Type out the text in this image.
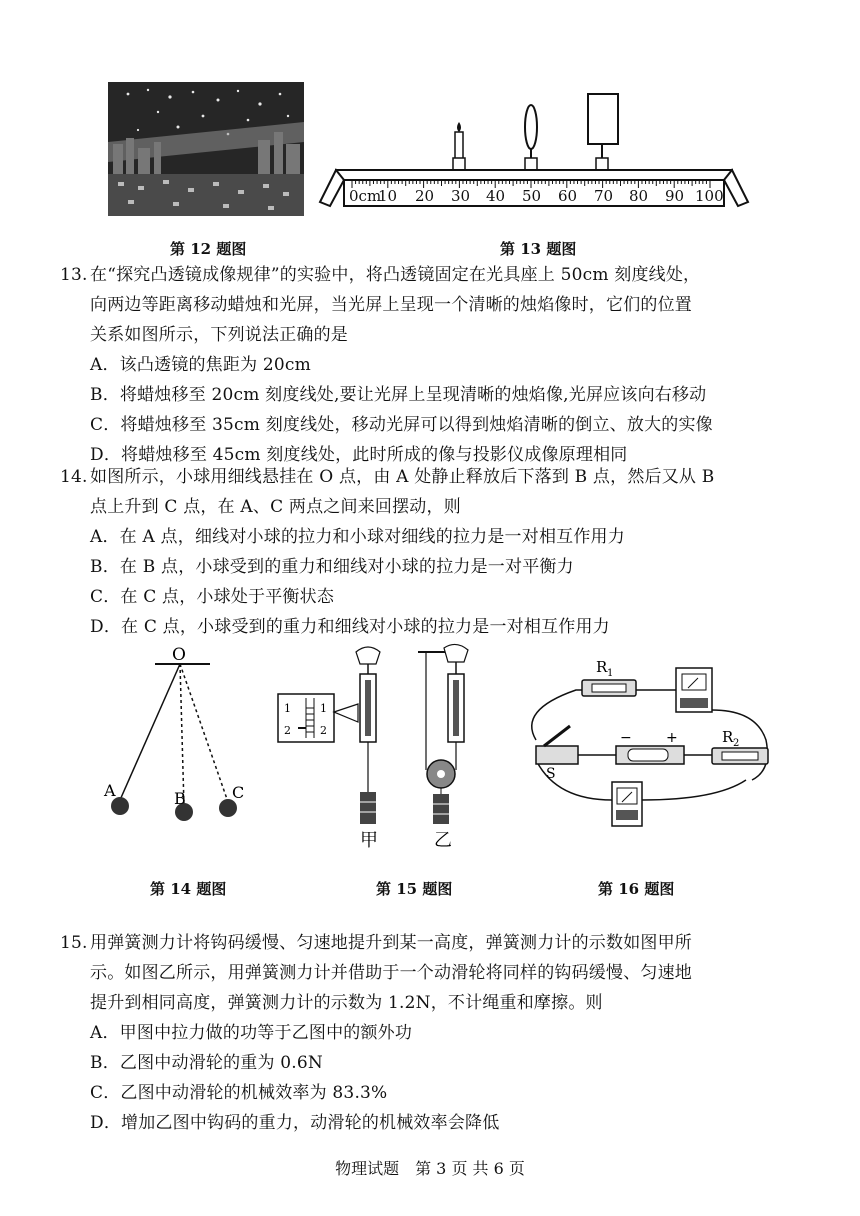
0cm
10 20 30 40 50 60 70 80 90 100
第 12 题图	第 13 题图
13. 在“探究凸透镜成像规律”的实验中，将凸透镜固定在光具座上 50cm 刻度线处，
向两边等距离移动蜡烛和光屏，当光屏上呈现一个清晰的烛焰像时，它们的位置
关系如图所示，下列说法正确的是
A．该凸透镜的焦距为 20cm
B．将蜡烛移至 20cm 刻度线处,要让光屏上呈现清晰的烛焰像,光屏应该向右移动
C．将蜡烛移至 35cm 刻度线处，移动光屏可以得到烛焰清晰的倒立、放大的实像
D．将蜡烛移至 45cm 刻度线处，此时所成的像与投影仪成像原理相同
14. 如图所示，小球用细线悬挂在 O 点，由 A 处静止释放后下落到 B 点，然后又从 B
点上升到 C 点，在 A、C 两点之间来回摆动，则
A．在 A 点，细线对小球的拉力和小球对细线的拉力是一对相互作用力
B．在 B 点，小球受到的重力和细线对小球的拉力是一对平衡力
C．在 C 点，小球处于平衡状态
D．在 C 点，小球受到的重力和细线对小球的拉力是一对相互作用力
O
A	B	C
1	1
2	2
甲	乙
R 1
S
− +	R 2
第 14 题图	第 15 题图	第 16 题图
15. 用弹簧测力计将钩码缓慢、匀速地提升到某一高度，弹簧测力计的示数如图甲所
示。如图乙所示，用弹簧测力计并借助于一个动滑轮将同样的钩码缓慢、匀速地
提升到相同高度，弹簧测力计的示数为 1.2N，不计绳重和摩擦。则
A．甲图中拉力做的功等于乙图中的额外功
B．乙图中动滑轮的重为 0.6N
C．乙图中动滑轮的机械效率为 83.3%
D．增加乙图中钩码的重力，动滑轮的机械效率会降低
物理试题　第 3 页 共 6 页
